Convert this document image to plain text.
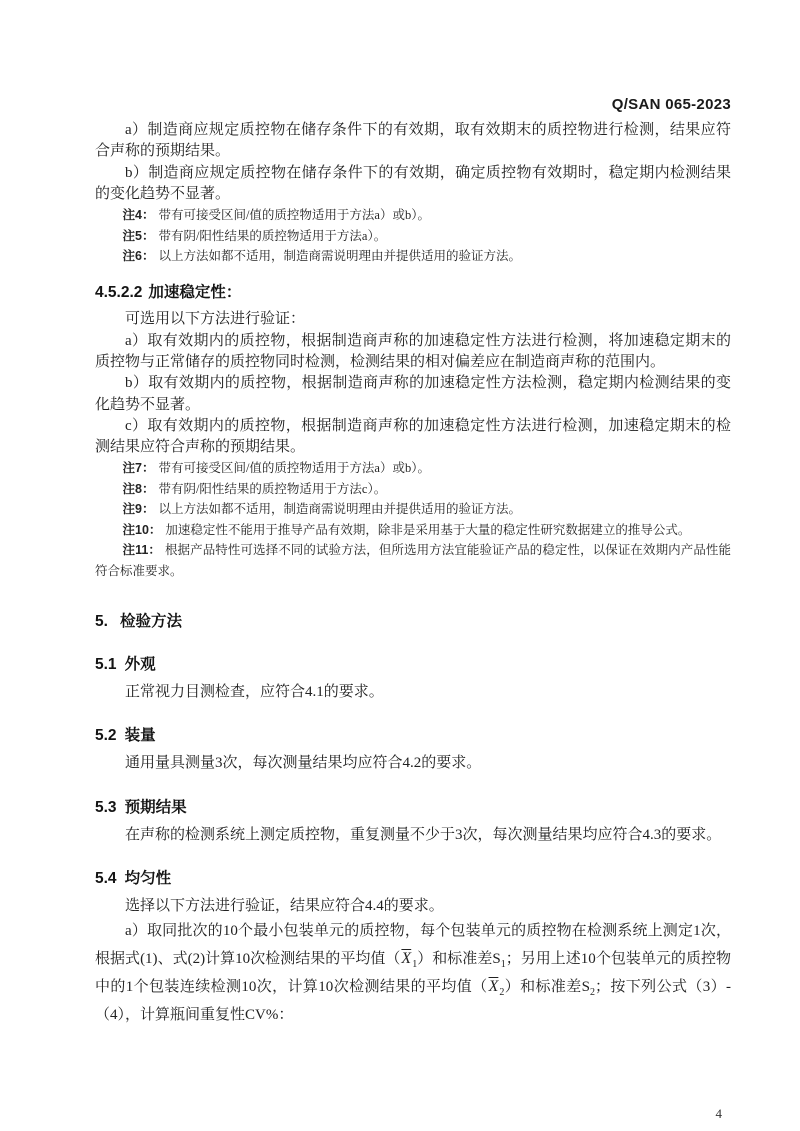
Q/SAN 065-2023

a）制造商应规定质控物在储存条件下的有效期，取有效期末的质控物进行检测，结果应符合声称的预期结果。

b）制造商应规定质控物在储存条件下的有效期，确定质控物有效期时，稳定期内检测结果的变化趋势不显著。

注4： 带有可接受区间/值的质控物适用于方法a）或b）。

注5： 带有阴/阳性结果的质控物适用于方法a）。

注6： 以上方法如都不适用，制造商需说明理由并提供适用的验证方法。

4.5.2.2 加速稳定性：

可选用以下方法进行验证：

a）取有效期内的质控物，根据制造商声称的加速稳定性方法进行检测，将加速稳定期末的质控物与正常储存的质控物同时检测，检测结果的相对偏差应在制造商声称的范围内。

b）取有效期内的质控物，根据制造商声称的加速稳定性方法检测，稳定期内检测结果的变化趋势不显著。

c）取有效期内的质控物，根据制造商声称的加速稳定性方法进行检测，加速稳定期末的检测结果应符合声称的预期结果。

注7： 带有可接受区间/值的质控物适用于方法a）或b）。

注8： 带有阴/阳性结果的质控物适用于方法c）。

注9： 以上方法如都不适用，制造商需说明理由并提供适用的验证方法。

注10： 加速稳定性不能用于推导产品有效期，除非是采用基于大量的稳定性研究数据建立的推导公式。

注11： 根据产品特性可选择不同的试验方法，但所选用方法宜能验证产品的稳定性，以保证在效期内产品性能符合标准要求。

5. 检验方法
5.1 外观

正常视力目测检查，应符合4.1的要求。

5.2 装量

通用量具测量3次，每次测量结果均应符合4.2的要求。

5.3 预期结果

在声称的检测系统上测定质控物，重复测量不少于3次，每次测量结果均应符合4.3的要求。

5.4 均匀性

选择以下方法进行验证，结果应符合4.4的要求。

a）取同批次的10个最小包装单元的质控物，每个包装单元的质控物在检测系统上测定1次，根据式(1)、式(2)计算10次检测结果的平均值$(\overline{X}_1)$和标准差$S_1$；另用上述10个包装单元的质控物中的1个包装连续检测10次，计算10次检测结果的平均值$(\overline{X}_2)$和标准差$S_2$；按下列公式（3）-（4），计算瓶间重复性CV%：

4
